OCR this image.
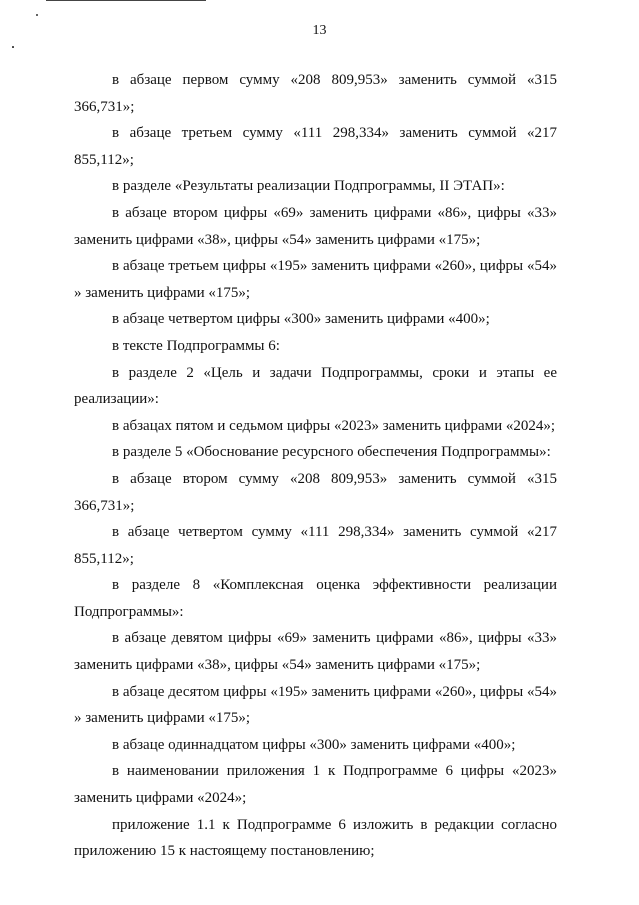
13

в абзаце первом сумму «208 809,953» заменить суммой «315 366,731»;

в абзаце третьем сумму «111 298,334» заменить суммой «217 855,112»;

в разделе «Результаты реализации Подпрограммы, II ЭТАП»:

в абзаце втором цифры «69» заменить цифрами «86», цифры «33» заменить цифрами «38», цифры «54» заменить цифрами «175»;

в абзаце третьем цифры «195» заменить цифрами «260», цифры «54» » заменить цифрами «175»;

в абзаце четвертом цифры «300» заменить цифрами «400»;

в тексте Подпрограммы 6:

в разделе 2 «Цель и задачи Подпрограммы, сроки и этапы ее реализации»:

в абзацах пятом и седьмом цифры «2023» заменить цифрами «2024»;

в разделе 5 «Обоснование ресурсного обеспечения Подпрограммы»:

в абзаце втором сумму «208 809,953» заменить суммой «315 366,731»;

в абзаце четвертом сумму «111 298,334» заменить суммой «217 855,112»;

в разделе 8 «Комплексная оценка эффективности реализации Подпрограммы»:

в абзаце девятом цифры «69» заменить цифрами «86», цифры «33» заменить цифрами «38», цифры «54» заменить цифрами «175»;

в абзаце десятом цифры «195» заменить цифрами «260», цифры «54» » заменить цифрами «175»;

в абзаце одиннадцатом цифры «300» заменить цифрами «400»;

в наименовании приложения 1 к Подпрограмме 6 цифры «2023» заменить цифрами «2024»;

приложение 1.1 к Подпрограмме 6 изложить в редакции согласно приложению 15 к настоящему постановлению;
